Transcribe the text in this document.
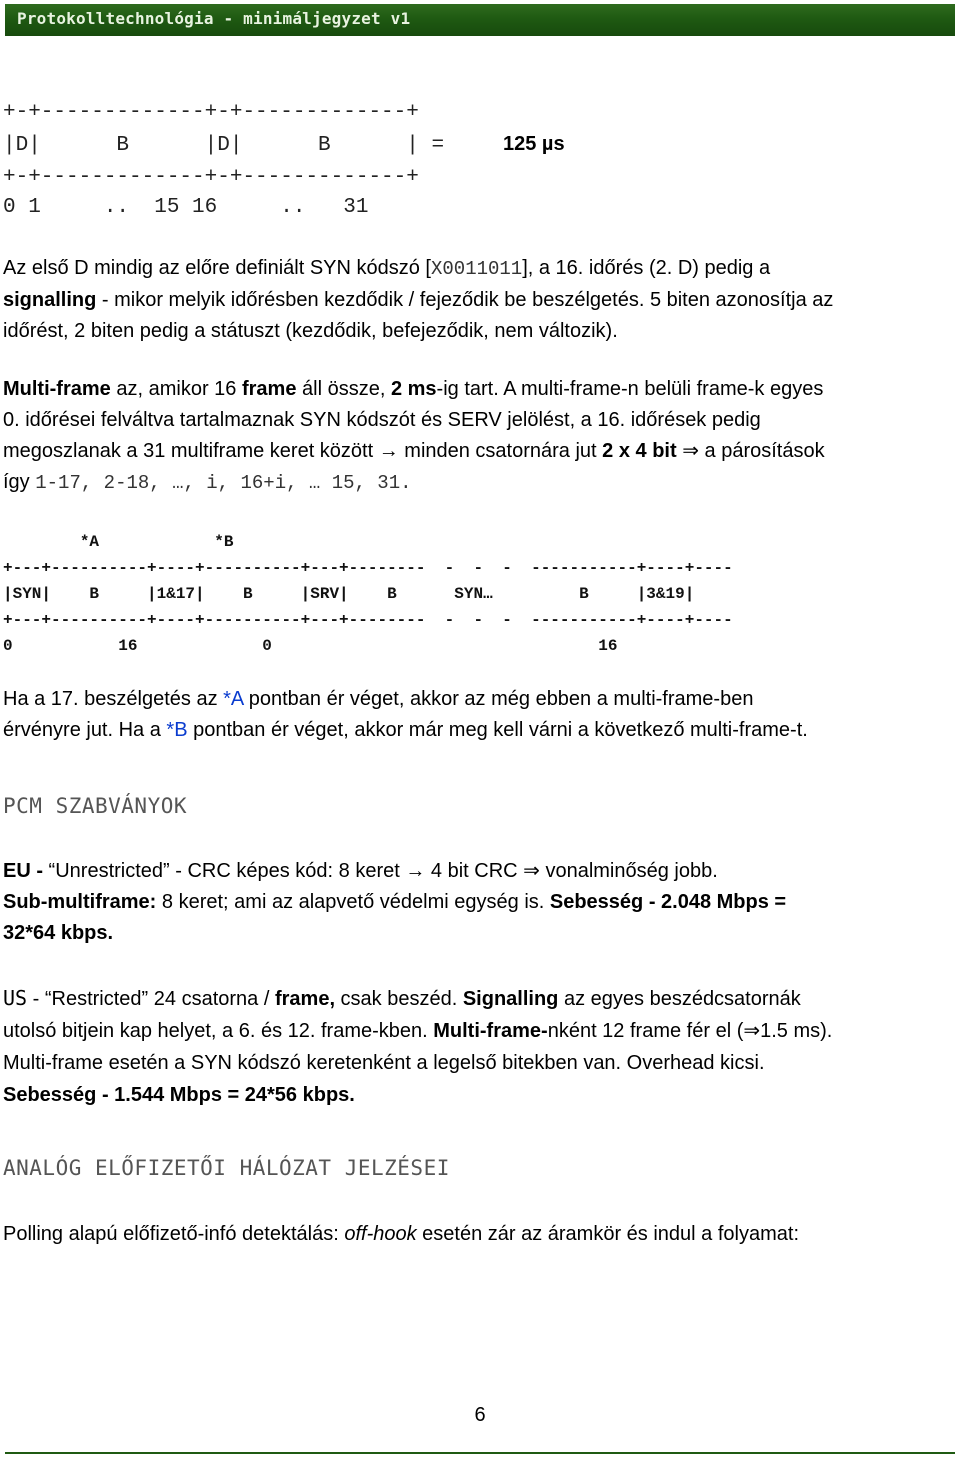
Protokolltechnológia - minimáljegyzet v1
+-+-------------+-+-------------+
|D|      B      |D|      B      | =	125 µs
+-+-------------+-+-------------+
0 1     ..  15 16     ..   31

Az első D mindig az előre definiált SYN kódszó [X0011011], a 16. időrés (2. D) pedig a
signalling - mikor melyik időrésben kezdődik / fejeződik be beszélgetés. 5 biten azonosítja az
időrést, 2 biten pedig a státuszt (kezdődik, befejeződik, nem változik).

Multi-frame az, amikor 16 frame áll össze, 2 ms-ig tart. A multi-frame-n belüli frame-k egyes
0. időrései felváltva tartalmaznak SYN kódszót és SERV jelölést, a 16. időrések pedig
megoszlanak a 31 multiframe keret között → minden csatornára jut 2 x 4 bit ⇒ a párosítások
így 1-17, 2-18, …, i, 16+i, … 15, 31.

*A            *B
+---+----------+----+----------+---+--------  -  -  -  -----------+----+----
|SYN|    B     |1&17|    B     |SRV|    B      SYN…         B     |3&19|
+---+----------+----+----------+---+--------  -  -  -  -----------+----+----
0           16             0                                  16

Ha a 17. beszélgetés az *A pontban ér véget, akkor az még ebben a multi-frame-ben
érvényre jut. Ha a *B pontban ér véget, akkor már meg kell várni a következő multi-frame-t.

PCM SZABVÁNYOK

EU - “Unrestricted” - CRC képes kód: 8 keret → 4 bit CRC ⇒ vonalminőség jobb.
Sub-multiframe: 8 keret; ami az alapvető védelmi egység is. Sebesség - 2.048 Mbps =
32*64 kbps.

US - “Restricted” 24 csatorna / frame, csak beszéd. Signalling az egyes beszédcsatornák
utolsó bitjein kap helyet, a 6. és 12. frame-kben. Multi-frame-nként 12 frame fér el (⇒1.5 ms).
Multi-frame esetén a SYN kódszó keretenként a legelső bitekben van. Overhead kicsi.
Sebesség - 1.544 Mbps = 24*56 kbps.

ANALÓG ELŐFIZETŐI HÁLÓZAT JELZÉSEI

Polling alapú előfizető-infó detektálás: off-hook esetén zár az áramkör és indul a folyamat:

6
